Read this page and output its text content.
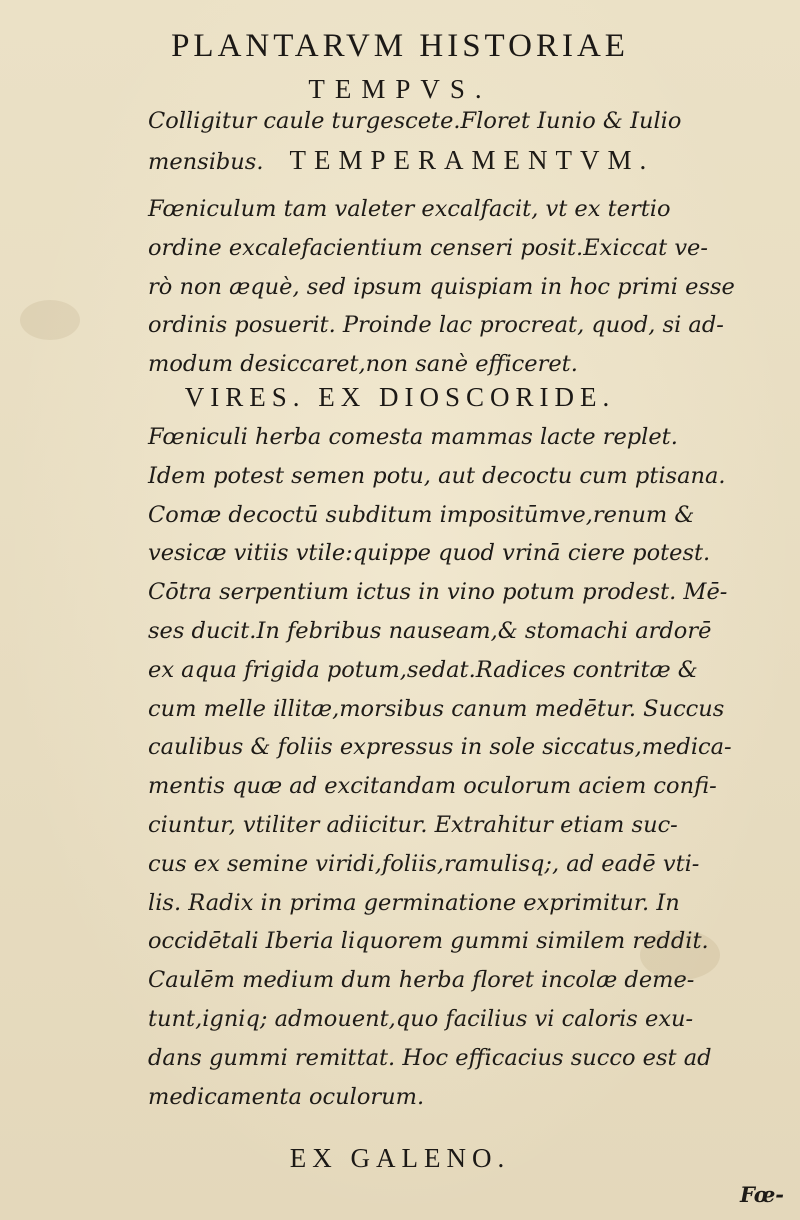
PLANTARVM HISTORIAE
TEMPVS.
Colligitur caule turgescete.Floret Iunio & Iulio
mensibus. TEMPERAMENTVM.
Fœniculum tam valeter excalfacit, vt ex tertio
ordine excalefacientium censeri posit.Exiccat ve-
rò non æquè, sed ipsum quispiam in hoc primi esse
ordinis posuerit. Proinde lac procreat, quod, si ad-
modum desiccaret,non sanè efficeret.
VIRES. EX DIOSCORIDE.
Fœniculi herba comesta mammas lacte replet.
Idem potest semen potu, aut decoctu cum ptisana.
Comæ decoctū subditum impositūmve,renum &
vesicæ vitiis vtile:quippe quod vrinā ciere potest.
Cōtra serpentium ictus in vino potum prodest. Mē-
ses ducit.In febribus nauseam,& stomachi ardorē
ex aqua frigida potum,sedat.Radices contritæ &
cum melle illitæ,morsibus canum medētur. Succus
caulibus & foliis expressus in sole siccatus,medica-
mentis quæ ad excitandam oculorum aciem confi-
ciuntur, vtiliter adiicitur. Extrahitur etiam suc-
cus ex semine viridi,foliis,ramulisq;, ad eadē vti-
lis. Radix in prima germinatione exprimitur. In
occidētali Iberia liquorem gummi similem reddit.
Caulēm medium dum herba floret incolæ deme-
tunt,igniq; admouent,quo facilius vi caloris exu-
dans gummi remittat. Hoc efficacius succo est ad
medicamenta oculorum.
EX GALENO.
Fœ-
